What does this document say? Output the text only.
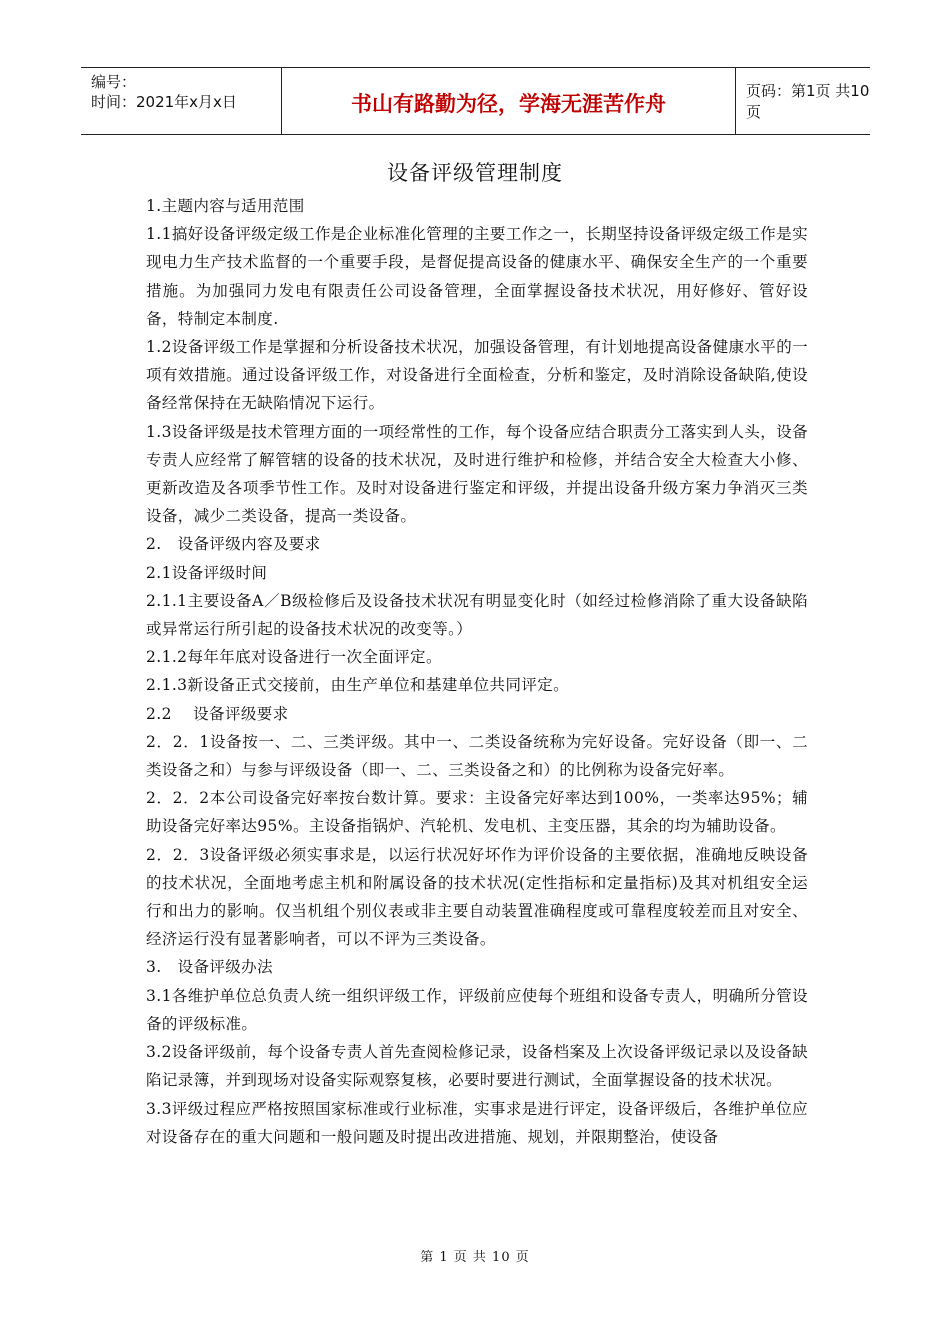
编号：
时间：2021年x月x日	书山有路勤为径，学海无涯苦作舟
页码：第1页 共10页
设备评级管理制度

1.主题内容与适用范围

1.1搞好设备评级定级工作是企业标准化管理的主要工作之一，长期坚持设备评级定级工作是实现电力生产技术监督的一个重要手段，是督促提高设备的健康水平、确保安全生产的一个重要措施。为加强同力发电有限责任公司设备管理，全面掌握设备技术状况，用好修好、管好设备，特制定本制度.

1.2设备评级工作是掌握和分析设备技术状况，加强设备管理，有计划地提高设备健康水平的一项有效措施。通过设备评级工作，对设备进行全面检查，分析和鉴定，及时消除设备缺陷,使设备经常保持在无缺陷情况下运行。

1.3设备评级是技术管理方面的一项经常性的工作，每个设备应结合职责分工落实到人头，设备专责人应经常了解管辖的设备的技术状况，及时进行维护和检修，并结合安全大检查大小修、更新改造及各项季节性工作。及时对设备进行鉴定和评级，并提出设备升级方案力争消灭三类设备，减少二类设备，提高一类设备。

2.   设备评级内容及要求

2.1设备评级时间

2.1.1主要设备A／B级检修后及设备技术状况有明显变化时（如经过检修消除了重大设备缺陷或异常运行所引起的设备技术状况的改变等。）

2.1.2每年年底对设备进行一次全面评定。

2.1.3新设备正式交接前，由生产单位和基建单位共同评定。

2.2    设备评级要求

2．2．1设备按一、二、三类评级。其中一、二类设备统称为完好设备。完好设备（即一、二类设备之和）与参与评级设备（即一、二、三类设备之和）的比例称为设备完好率。

2．2．2本公司设备完好率按台数计算。要求：主设备完好率达到100%，一类率达95%；辅助设备完好率达95%。主设备指锅炉、汽轮机、发电机、主变压器，其余的均为辅助设备。

2．2．3设备评级必须实事求是，以运行状况好坏作为评价设备的主要依据，准确地反映设备的技术状况，全面地考虑主机和附属设备的技术状况(定性指标和定量指标)及其对机组安全运行和出力的影响。仅当机组个别仪表或非主要自动装置准确程度或可靠程度较差而且对安全、经济运行没有显著影响者，可以不评为三类设备。

3.   设备评级办法

3.1各维护单位总负责人统一组织评级工作，评级前应使每个班组和设备专责人，明确所分管设备的评级标准。

3.2设备评级前，每个设备专责人首先查阅检修记录，设备档案及上次设备评级记录以及设备缺陷记录簿，并到现场对设备实际观察复核，必要时要进行测试，全面掌握设备的技术状况。

3.3评级过程应严格按照国家标准或行业标准，实事求是进行评定，设备评级后，各维护单位应对设备存在的重大问题和一般问题及时提出改进措施、规划，并限期整治，使设备

第 1 页 共 10 页
